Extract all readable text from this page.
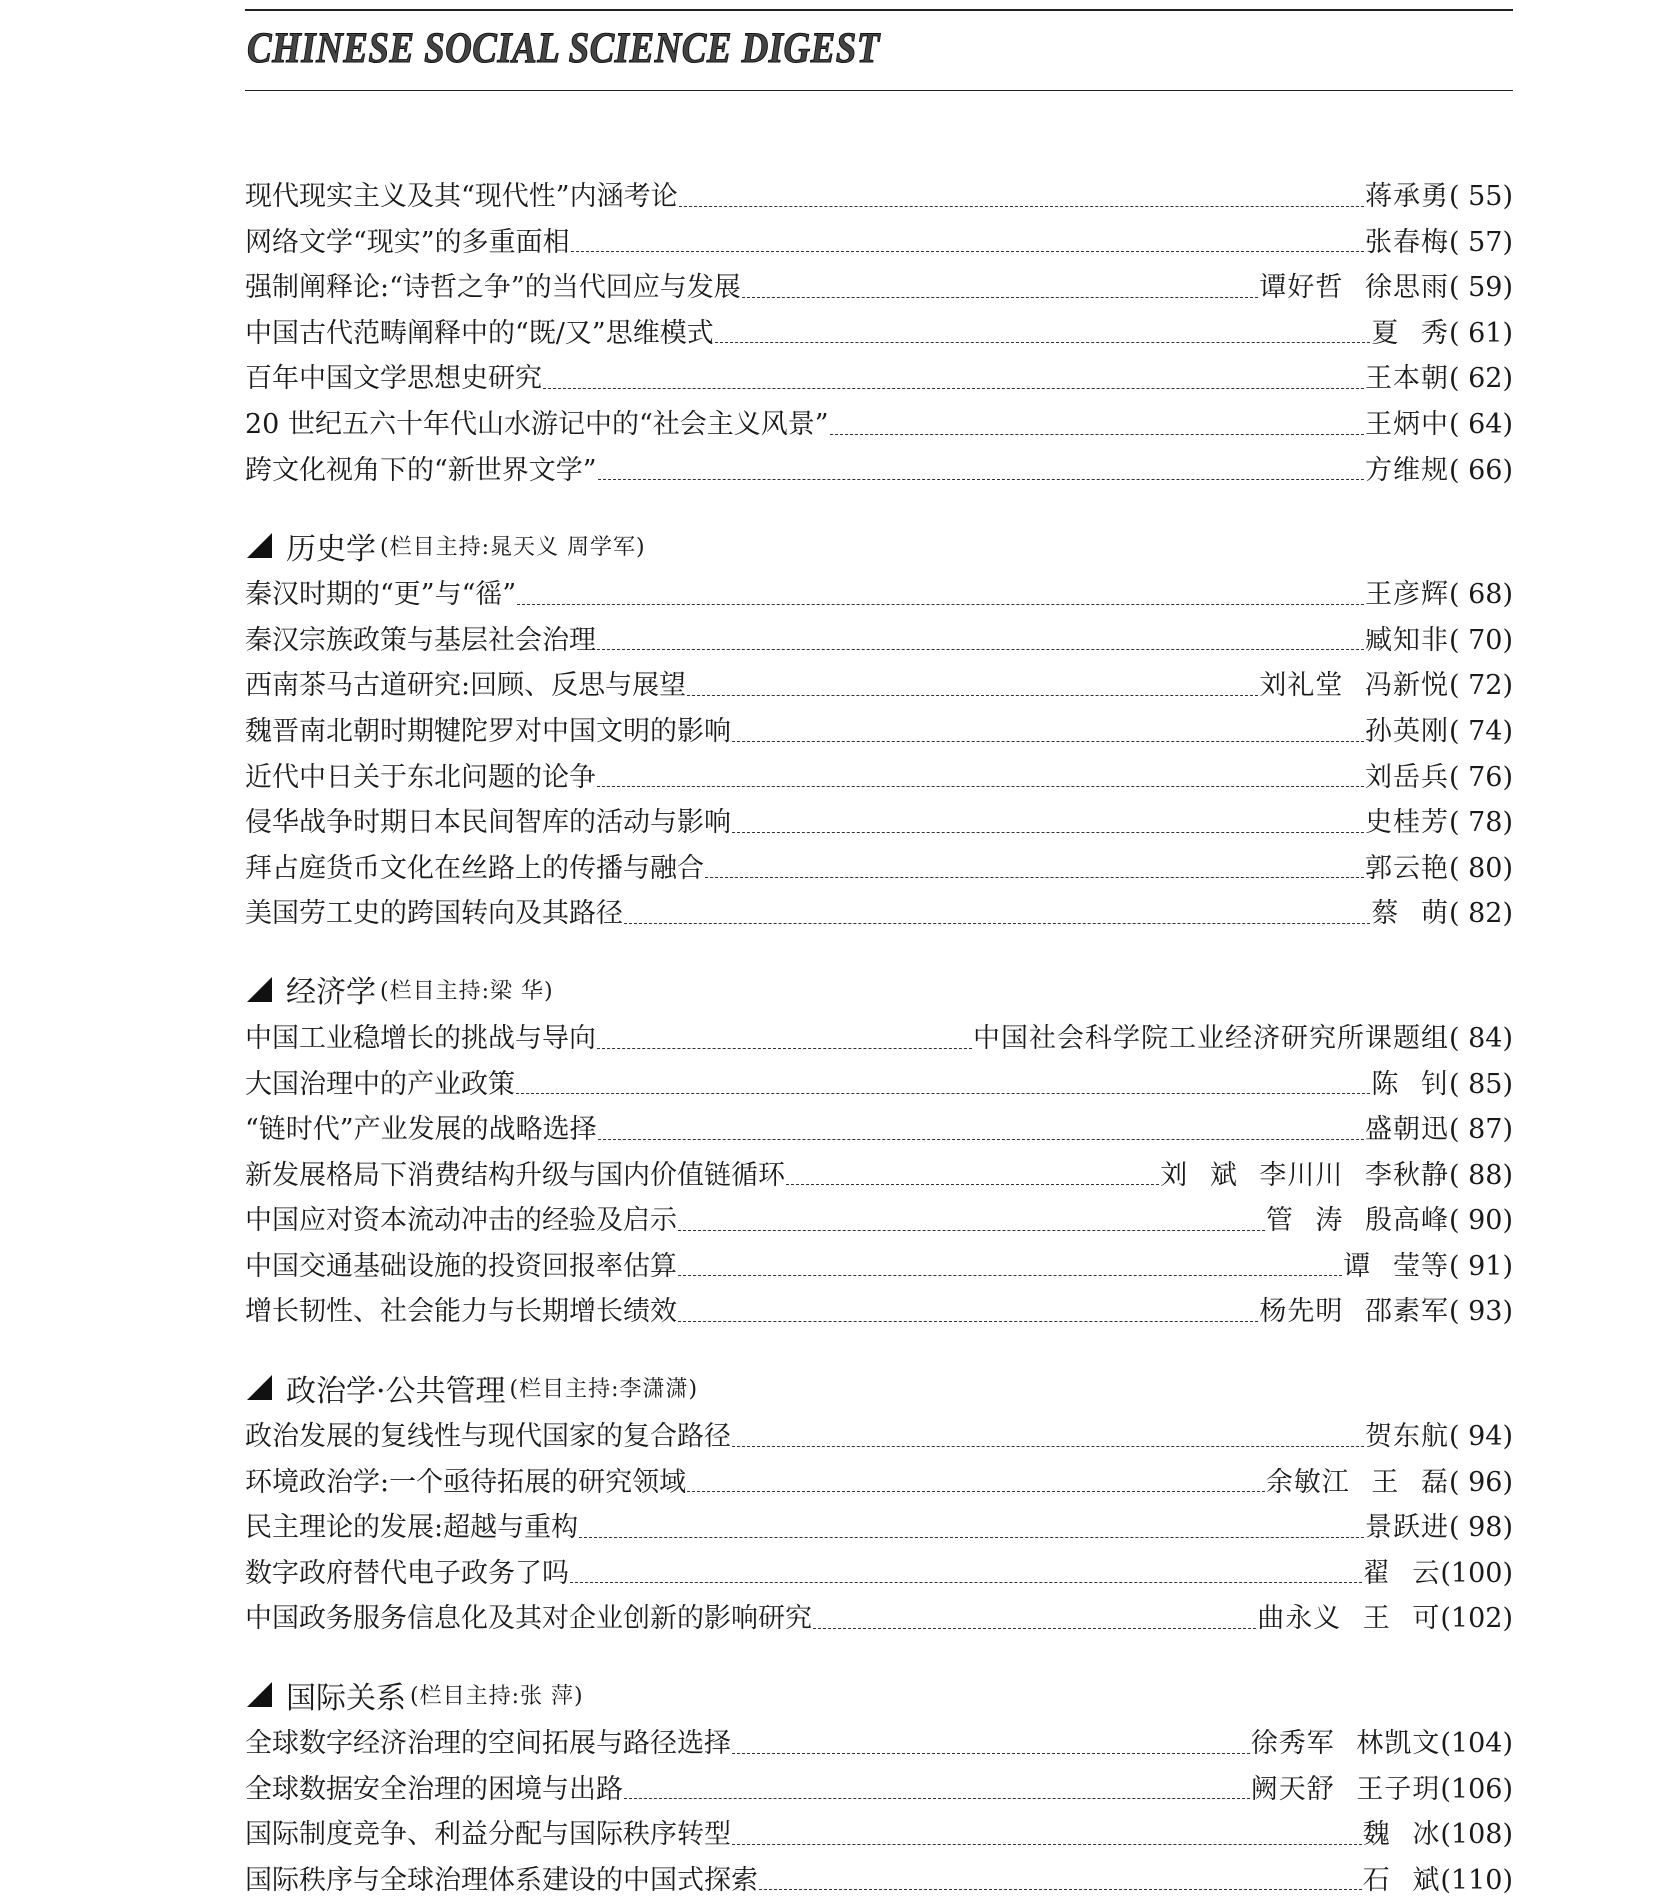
CHINESE SOCIAL SCIENCE DIGEST
现代现实主义及其“现代性”内涵考论	蒋承勇 ( 55)
网络文学“现实”的多重面相	张春梅 ( 57)
强制阐释论:“诗哲之争”的当代回应与发展	谭好哲 徐思雨 ( 59)
中国古代范畴阐释中的“既/又”思维模式	夏 秀 ( 61)
百年中国文学思想史研究	王本朝 ( 62)
20 世纪五六十年代山水游记中的“社会主义风景”	王炳中 ( 64)
跨文化视角下的“新世界文学”	方维规 ( 66)
历史学 (栏目主持:晁天义 周学军)
秦汉时期的“更”与“徭”	王彦辉 ( 68)
秦汉宗族政策与基层社会治理	臧知非 ( 70)
西南茶马古道研究:回顾、反思与展望	刘礼堂 冯新悦 ( 72)
魏晋南北朝时期犍陀罗对中国文明的影响	孙英刚 ( 74)
近代中日关于东北问题的论争	刘岳兵 ( 76)
侵华战争时期日本民间智库的活动与影响	史桂芳 ( 78)
拜占庭货币文化在丝路上的传播与融合	郭云艳 ( 80)
美国劳工史的跨国转向及其路径	蔡 萌 ( 82)
经济学 (栏目主持:梁 华)
中国工业稳增长的挑战与导向	中国社会科学院工业经济研究所课题组 ( 84)
大国治理中的产业政策	陈 钊 ( 85)
“链时代”产业发展的战略选择	盛朝迅 ( 87)
新发展格局下消费结构升级与国内价值链循环	刘 斌 李川川 李秋静 ( 88)
中国应对资本流动冲击的经验及启示	管 涛 殷高峰 ( 90)
中国交通基础设施的投资回报率估算	谭 莹等 ( 91)
增长韧性、社会能力与长期增长绩效	杨先明 邵素军 ( 93)
政治学·公共管理 (栏目主持:李潇潇)
政治发展的复线性与现代国家的复合路径	贺东航 ( 94)
环境政治学:一个亟待拓展的研究领域	余敏江 王 磊 ( 96)
民主理论的发展:超越与重构	景跃进 ( 98)
数字政府替代电子政务了吗	翟 云 (100)
中国政务服务信息化及其对企业创新的影响研究	曲永义 王 可 (102)
国际关系 (栏目主持:张 萍)
全球数字经济治理的空间拓展与路径选择	徐秀军 林凯文 (104)
全球数据安全治理的困境与出路	阙天舒 王子玥 (106)
国际制度竞争、利益分配与国际秩序转型	魏 冰 (108)
国际秩序与全球治理体系建设的中国式探索	石 斌 (110)
